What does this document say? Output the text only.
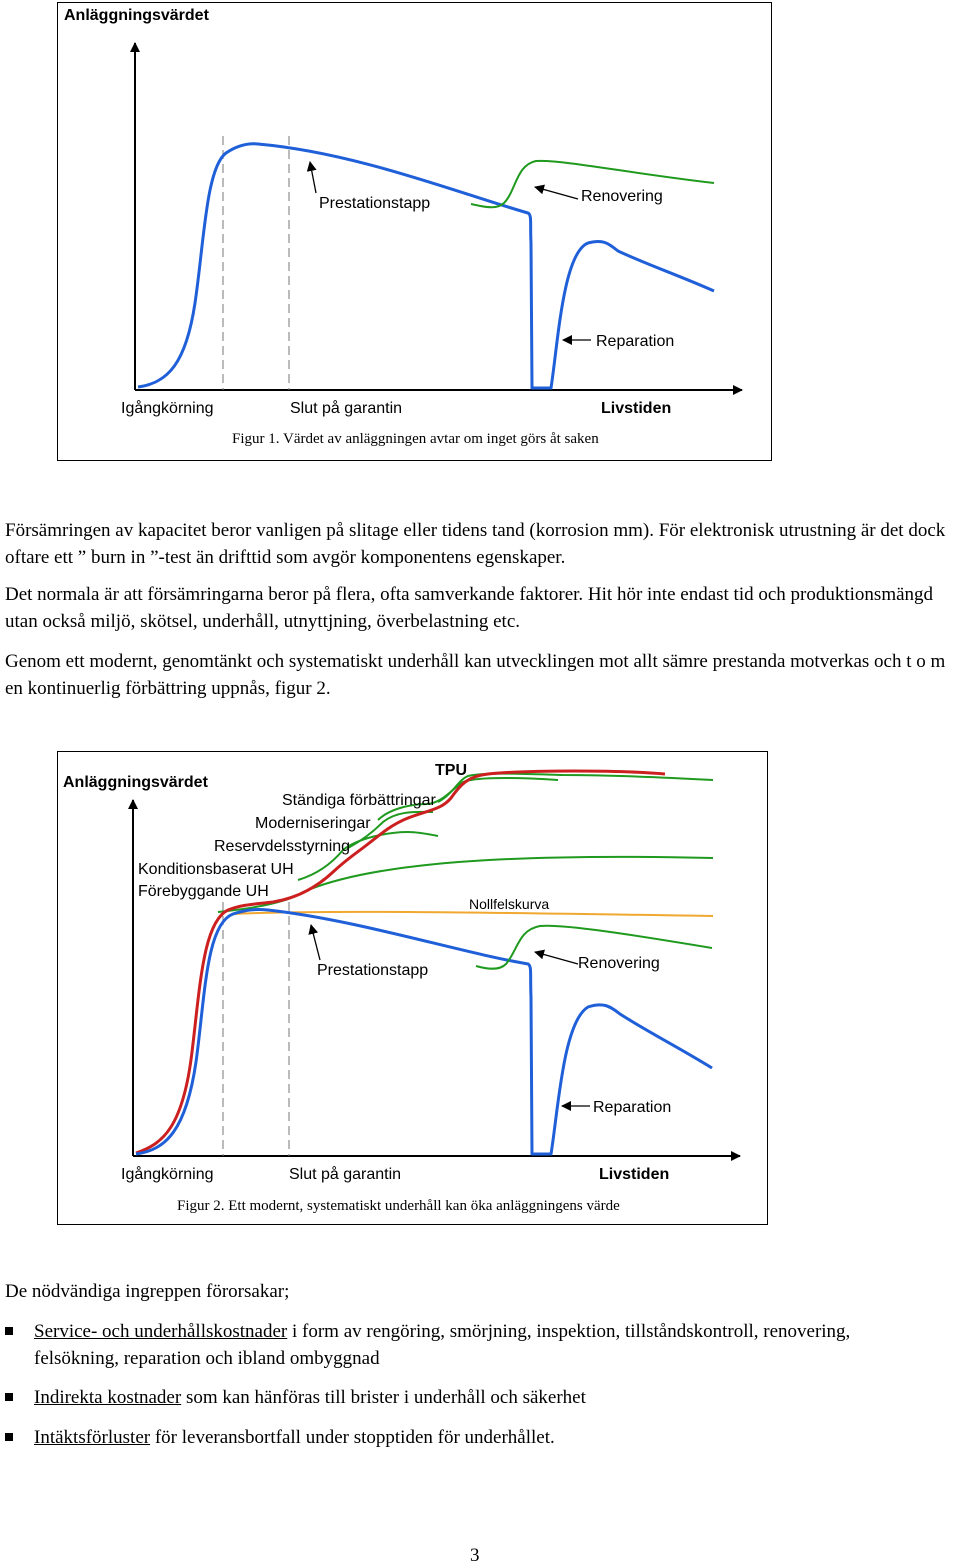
Anläggningsvärdet
Prestationstapp	Renovering
Reparation
Igångkörning	Slut på garantin	Livstiden
Figur 1. Värdet av anläggningen avtar om inget görs åt saken

Försämringen av kapacitet beror vanligen på slitage eller tidens tand (korrosion mm). För elektronisk utrustning är det dock oftare ett ” burn in ”-test än drifttid som avgör komponentens egenskaper.

Det normala är att försämringarna beror på flera, ofta samverkande faktorer. Hit hör inte endast tid och produktionsmängd utan också miljö, skötsel, underhåll, utnyttjning, överbelastning etc.

Genom ett modernt, genomtänkt och systematiskt underhåll kan utvecklingen mot allt sämre prestanda motverkas och t o m en kontinuerlig förbättring uppnås, figur 2.

Anläggningsvärdet
TPU
Ständiga förbättringar
Moderniseringar
Reservdelsstyrning
Konditionsbaserat UH
Förebyggande UH
Nollfelskurva
Prestationstapp	Renovering
Reparation
Igångkörning	Slut på garantin	Livstiden
Figur 2. Ett modernt, systematiskt underhåll kan öka anläggningens värde

De nödvändiga ingreppen förorsakar;

Service- och underhållskostnader i form av rengöring, smörjning, inspektion, tillståndskontroll, renovering, felsökning, reparation och ibland ombyggnad
Indirekta kostnader som kan hänföras till brister i underhåll och säkerhet
Intäktsförluster för leveransbortfall under stopptiden för underhållet.
3
